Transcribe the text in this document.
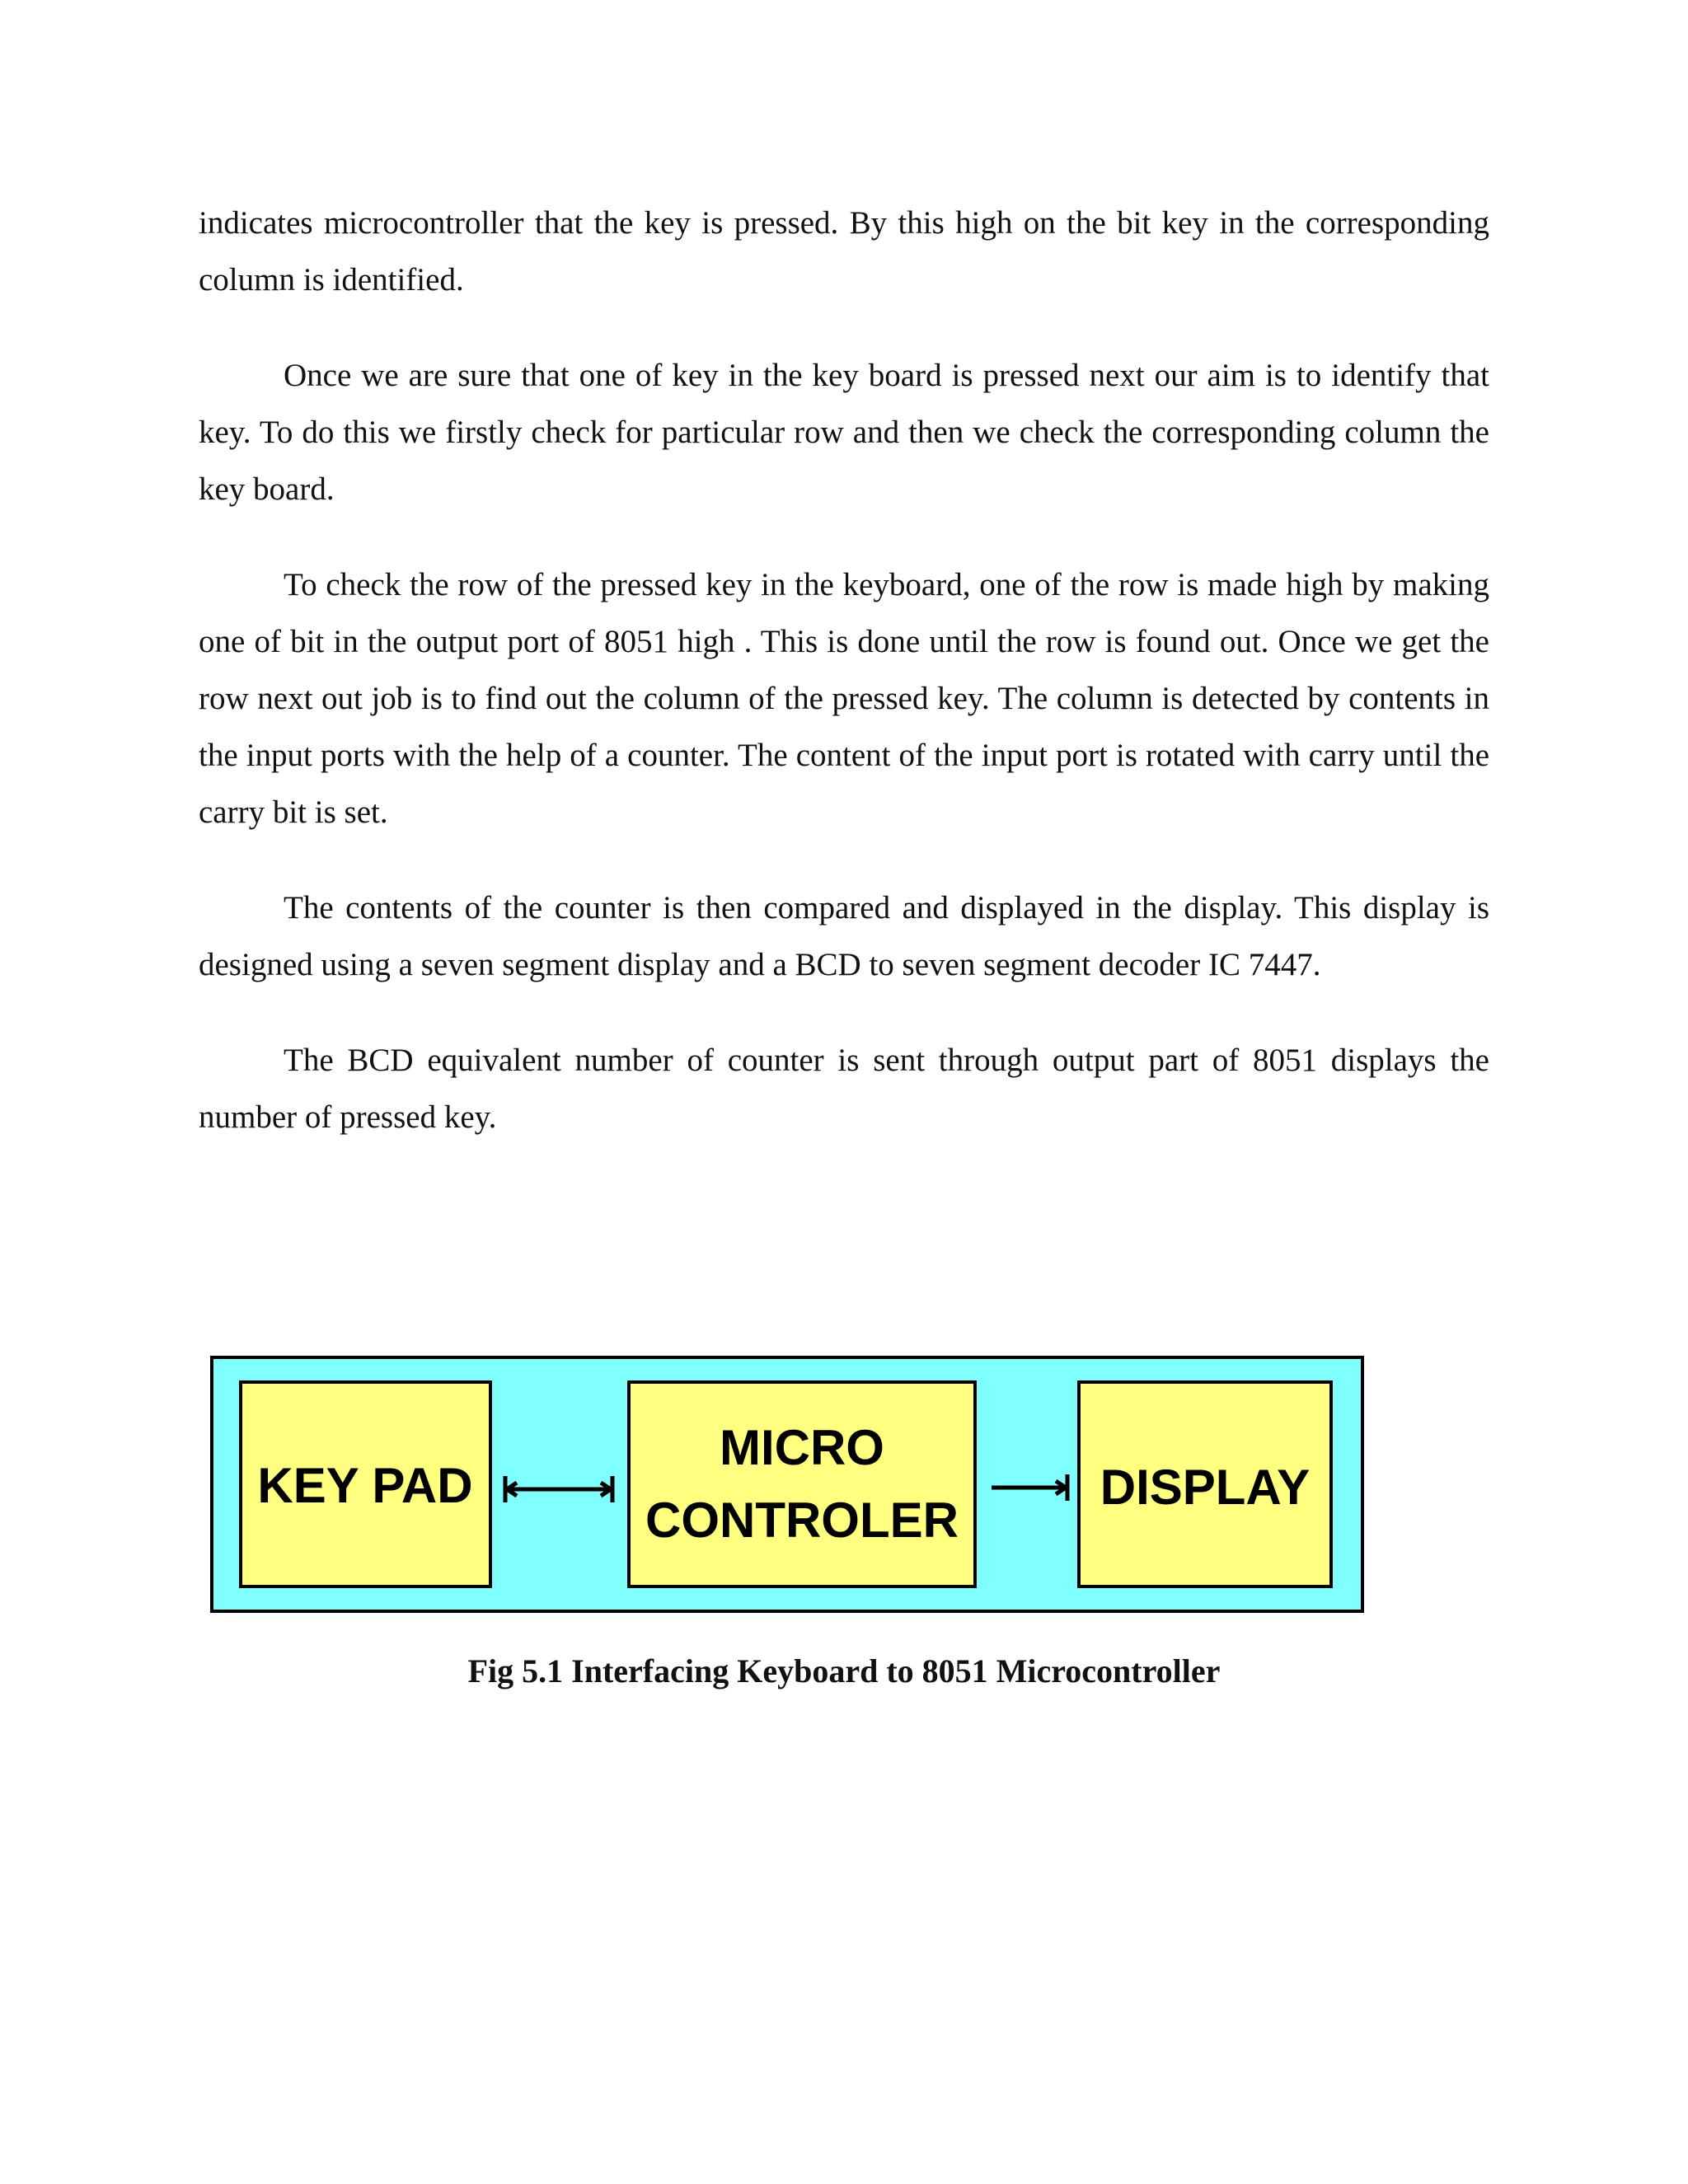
indicates microcontroller that the key is pressed. By this high on the bit key in the corresponding column is identified.

Once we are sure that one of key in the key board is pressed next our aim is to identify that key. To do this we firstly check for particular row and then we check the corresponding column the key board.

To check the row of the pressed key in the keyboard, one of the row is made high by making one of bit in the output port of 8051 high . This is done until the row is found out. Once we get the row next out job is to find out the column of the pressed key. The column is detected by contents in the input ports with the help of a counter. The content of the input port is rotated with carry until the carry bit is set.

The contents of the counter is then compared and displayed in the display. This display is designed using a seven segment display and a BCD to seven segment decoder IC 7447.

The BCD equivalent number of counter is sent through output part of 8051 displays the number of pressed key.

KEY PAD
MICRO
CONTROLER
DISPLAY

Fig 5.1 Interfacing Keyboard to 8051 Microcontroller
